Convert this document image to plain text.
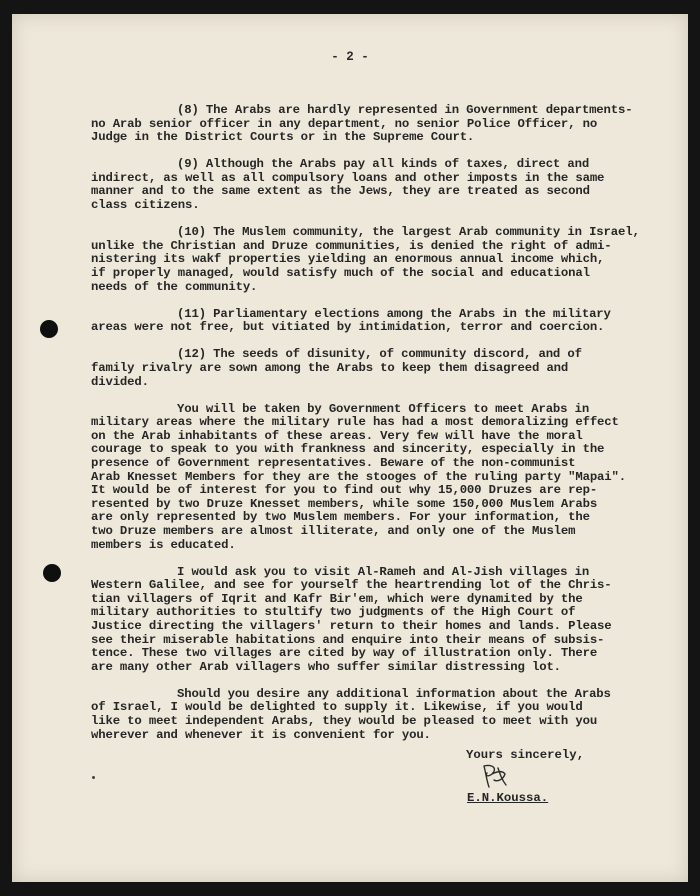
- 2 -
(8) The Arabs are hardly represented in Government departments-
no Arab senior officer in any department, no senior Police Officer, no
Judge in the District Courts or in the Supreme Court.
(9) Although the Arabs pay all kinds of taxes, direct and
indirect, as well as all compulsory loans and other imposts in the same
manner and to the same extent as the Jews, they are treated as second
class citizens.
(10) The Muslem community, the largest Arab community in Israel,
unlike the Christian and Druze communities, is denied the right of admi-
nistering its wakf properties yielding an enormous annual income which,
if properly managed, would satisfy much of the social and educational
needs of the community.
(11) Parliamentary elections among the Arabs in the military
areas were not free, but vitiated by intimidation, terror and coercion.
(12) The seeds of disunity, of community discord, and of
family rivalry are sown among the Arabs to keep them disagreed and
divided.
You will be taken by Government Officers to meet Arabs in
military areas where the military rule has had a most demoralizing effect
on the Arab inhabitants of these areas. Very few will have the moral
courage to speak to you with frankness and sincerity, especially in the
presence of Government representatives. Beware of the non-communist
Arab Knesset Members for they are the stooges of the ruling party "Mapai".
It would be of interest for you to find out why 15,000 Druzes are rep-
resented by two Druze Knesset members, while some 150,000 Muslem Arabs
are only represented by two Muslem members. For your information, the
two Druze members are almost illiterate, and only one of the Muslem
members is educated.
I would ask you to visit Al-Rameh and Al-Jish villages in
Western Galilee, and see for yourself the heartrending lot of the Chris-
tian villagers of Iqrit and Kafr Bir'em, which were dynamited by the
military authorities to stultify two judgments of the High Court of
Justice directing the villagers' return to their homes and lands. Please
see their miserable habitations and enquire into their means of subsis-
tence. These two villages are cited by way of illustration only. There
are many other Arab villagers who suffer similar distressing lot.
Should you desire any additional information about the Arabs
of Israel, I would be delighted to supply it. Likewise, if you would
like to meet independent Arabs, they would be pleased to meet with you
wherever and whenever it is convenient for you.
Yours sincerely,
E.N.Koussa.
